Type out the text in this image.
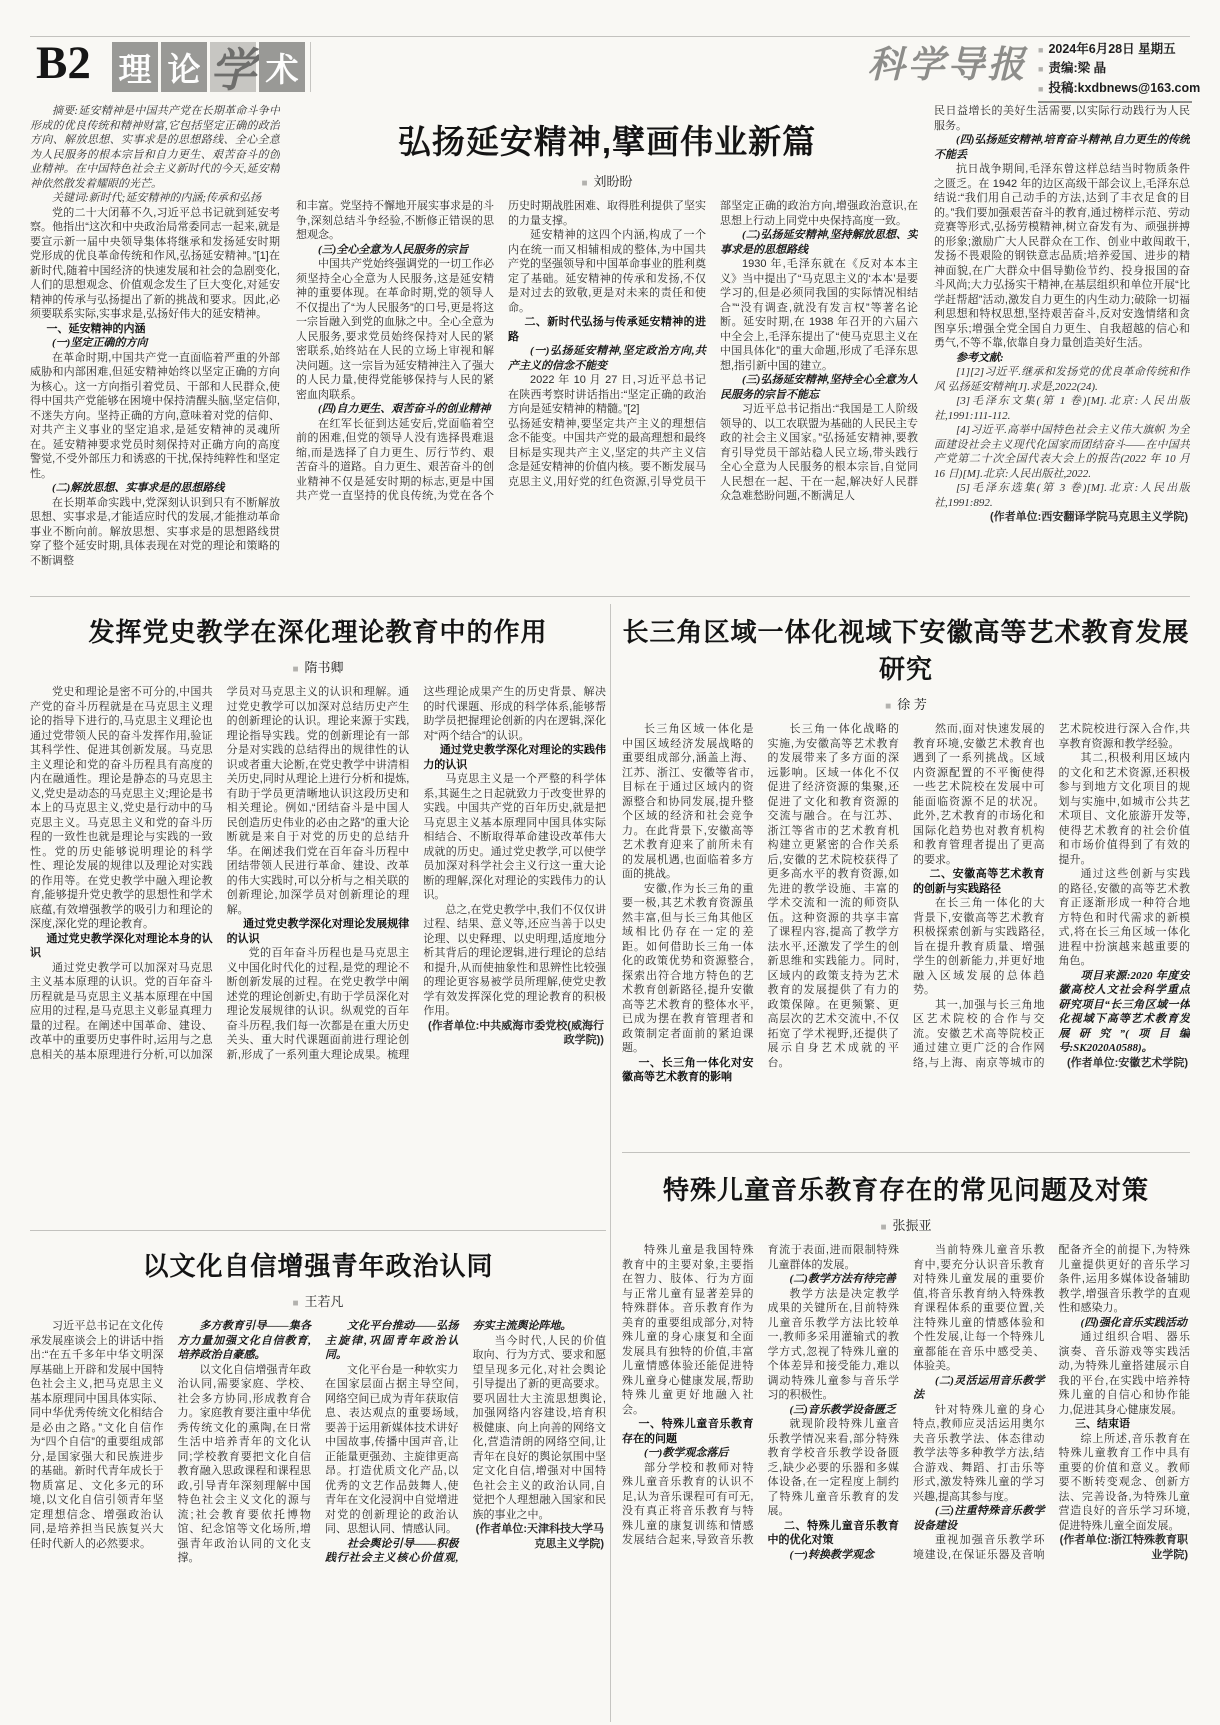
B2 理 论 学 术	科学导报	■ 2024年6月28日 星期五
■ 责编:梁 晶
■ 投稿:kxdbnews@163.com

摘要:延安精神是中国共产党在长期革命斗争中形成的优良传统和精神财富,它包括坚定正确的政治方向、解放思想、实事求是的思想路线、全心全意为人民服务的根本宗旨和自力更生、艰苦奋斗的创业精神。在中国特色社会主义新时代的今天,延安精神依然散发着耀眼的光芒。

关键词:新时代;延安精神的内涵;传承和弘扬

党的二十大闭幕不久,习近平总书记就到延安考察。他指出“这次和中央政治局常委同志一起来,就是要宣示新一届中央领导集体将继承和发扬延安时期党形成的优良革命传统和作风,弘扬延安精神。”[1]在新时代,随着中国经济的快速发展和社会的急剧变化,人们的思想观念、价值观念发生了巨大变化,对延安精神的传承与弘扬提出了新的挑战和要求。因此,必须要联系实际,实事求是,弘扬好伟大的延安精神。

一、延安精神的内涵

(一)坚定正确的方向

在革命时期,中国共产党一直面临着严重的外部威胁和内部困难,但延安精神始终以坚定正确的方向为核心。这一方向指引着党员、干部和人民群众,使得中国共产党能够在困境中保持清醒头脑,坚定信仰,不迷失方向。坚持正确的方向,意味着对党的信仰、对共产主义事业的坚定追求,是延安精神的灵魂所在。延安精神要求党员时刻保持对正确方向的高度警觉,不受外部压力和诱惑的干扰,保持纯粹性和坚定性。

(二)解放思想、实事求是的思想路线

在长期革命实践中,党深刻认识到只有不断解放思想、实事求是,才能适应时代的发展,才能推动革命事业不断向前。解放思想、实事求是的思想路线贯穿了整个延安时期,具体表现在对党的理论和策略的不断调整

弘扬延安精神,擘画伟业新篇
■ 刘盼盼

和丰富。党坚持不懈地开展实事求是的斗争,深刻总结斗争经验,不断修正错误的思想观念。

(三)全心全意为人民服务的宗旨

中国共产党始终强调党的一切工作必须坚持全心全意为人民服务,这是延安精神的重要体现。在革命时期,党的领导人不仅提出了“为人民服务”的口号,更是将这一宗旨融入到党的血脉之中。全心全意为人民服务,要求党员始终保持对人民的紧密联系,始终站在人民的立场上审视和解决问题。这一宗旨为延安精神注入了强大的人民力量,使得党能够保持与人民的紧密血肉联系。

(四)自力更生、艰苦奋斗的创业精神

在红军长征到达延安后,党面临着空前的困难,但党的领导人没有选择畏难退缩,而是选择了自力更生、厉行节约、艰苦奋斗的道路。自力更生、艰苦奋斗的创业精神不仅是延安时期的标志,更是中国共产党一直坚持的优良传统,为党在各个历史时期战胜困难、取得胜利提供了坚实的力量支撑。

延安精神的这四个内涵,构成了一个内在统一而又相辅相成的整体,为中国共产党的坚强领导和中国革命事业的胜利奠定了基础。延安精神的传承和发扬,不仅是对过去的致敬,更是对未来的责任和使命。

二、新时代弘扬与传承延安精神的进路

(一)弘扬延安精神,坚定政治方向,共产主义的信念不能变

2022 年 10 月 27 日,习近平总书记在陕西考察时讲话指出:“坚定正确的政治方向是延安精神的精髓。”[2]

弘扬延安精神,要坚定共产主义的理想信念不能变。中国共产党的最高理想和最终目标是实现共产主义,坚定的共产主义信念是延安精神的价值内核。要不断发展马克思主义,用好党的红色资源,引导党员干部坚定正确的政治方向,增强政治意识,在思想上行动上同党中央保持高度一致。

(二)弘扬延安精神,坚持解放思想、实事求是的思想路线

1930 年,毛泽东就在《反对本本主义》当中提出了“马克思主义的‘本本’是要学习的,但是必须同我国的实际情况相结合”“没有调查,就没有发言权”等著名论断。延安时期,在 1938 年召开的六届六中全会上,毛泽东提出了“使马克思主义在中国具体化”的重大命题,形成了毛泽东思想,指引新中国的建立。

(三)弘扬延安精神,坚持全心全意为人民服务的宗旨不能忘

习近平总书记指出:“我国是工人阶级领导的、以工农联盟为基础的人民民主专政的社会主义国家。”弘扬延安精神,要教育引导党员干部站稳人民立场,带头践行全心全意为人民服务的根本宗旨,自觉同人民想在一起、干在一起,解决好人民群众急难愁盼问题,不断满足人

民日益增长的美好生活需要,以实际行动践行为人民服务。

(四)弘扬延安精神,培育奋斗精神,自力更生的传统不能丢

抗日战争期间,毛泽东曾这样总结当时物质条件之匮乏。在 1942 年的边区高级干部会议上,毛泽东总结说:“我们用自己动手的方法,达到了丰衣足食的目的。”我们要加强艰苦奋斗的教育,通过榜样示范、劳动竞赛等形式,弘扬劳模精神,树立奋发有为、顽强拼搏的形象;激励广大人民群众在工作、创业中敢闯敢干,发扬不畏艰险的钢铁意志品质;培养爱国、进步的精神面貌,在广大群众中倡导勤俭节约、投身报国的奋斗风尚;大力弘扬实干精神,在基层组织和单位开展“比学赶帮超”活动,激发自力更生的内生动力;破除一切福利思想和特权思想,坚持艰苦奋斗,反对安逸情绪和贪图享乐;增强全党全国自力更生、自我超越的信心和勇气,不等不靠,依靠自身力量创造美好生活。

参考文献:

[1][2]习近平.继承和发扬党的优良革命传统和作风 弘扬延安精神[J].求是,2022(24).

[3]毛泽东文集(第 1 卷)[M].北京:人民出版社,1991:111-112.

[4]习近平.高举中国特色社会主义伟大旗帜 为全面建设社会主义现代化国家而团结奋斗——在中国共产党第二十次全国代表大会上的报告(2022 年 10 月 16 日)[M].北京:人民出版社,2022.

[5]毛泽东选集(第 3 卷)[M].北京:人民出版社,1991:892.

(作者单位:西安翻译学院马克思主义学院)

发挥党史教学在深化理论教育中的作用
■ 隋书卿

党史和理论是密不可分的,中国共产党的奋斗历程就是在马克思主义理论的指导下进行的,马克思主义理论也通过党带领人民的奋斗发挥作用,验证其科学性、促进其创新发展。马克思主义理论和党的奋斗历程具有高度的内在融通性。理论是静态的马克思主义,党史是动态的马克思主义;理论是书本上的马克思主义,党史是行动中的马克思主义。马克思主义和党的奋斗历程的一致性也就是理论与实践的一致性。党的历史能够说明理论的科学性、理论发展的规律以及理论对实践的作用等。在党史教学中融入理论教育,能够提升党史教学的思想性和学术底蕴,有效增强教学的吸引力和理论的深度,深化党的理论教育。

通过党史教学深化对理论本身的认识

通过党史教学可以加深对马克思主义基本原理的认识。党的百年奋斗历程就是马克思主义基本原理在中国应用的过程,是马克思主义彰显真理力量的过程。在阐述中国革命、建设、改革中的重要历史事件时,运用与之息息相关的基本原理进行分析,可以加深学员对马克思主义的认识和理解。通过党史教学可以加深对总结历史产生的创新理论的认识。理论来源于实践,理论指导实践。党的创新理论有一部分是对实践的总结得出的规律性的认识或者重大论断,在党史教学中讲清相关历史,同时从理论上进行分析和提炼,有助于学员更清晰地认识这段历史和相关理论。例如,“团结奋斗是中国人民创造历史伟业的必由之路”的重大论断就是来自于对党的历史的总结升华。在阐述我们党在百年奋斗历程中团结带领人民进行革命、建设、改革的伟大实践时,可以分析与之相关联的创新理论,加深学员对创新理论的理解。

通过党史教学深化对理论发展规律的认识

党的百年奋斗历程也是马克思主义中国化时代化的过程,是党的理论不断创新发展的过程。在党史教学中阐述党的理论创新史,有助于学员深化对理论发展规律的认识。纵观党的百年奋斗历程,我们每一次都是在重大历史关头、重大时代课题面前进行理论创新,形成了一系列重大理论成果。梳理这些理论成果产生的历史背景、解决的时代课题、形成的科学体系,能够帮助学员把握理论创新的内在逻辑,深化对“两个结合”的认识。

通过党史教学深化对理论的实践伟力的认识

马克思主义是一个严整的科学体系,其诞生之日起就致力于改变世界的实践。中国共产党的百年历史,就是把马克思主义基本原理同中国具体实际相结合、不断取得革命建设改革伟大成就的历史。通过党史教学,可以使学员加深对科学社会主义行这一重大论断的理解,深化对理论的实践伟力的认识。

总之,在党史教学中,我们不仅仅讲过程、结果、意义等,还应当善于以史论理、以史释理、以史明理,适度地分析其背后的理论逻辑,进行理论的总结和提升,从而使抽象性和思辨性比较强的理论更容易被学员所理解,使党史教学有效发挥深化党的理论教育的积极作用。

(作者单位:中共威海市委党校(威海行政学院))

长三角区域一体化视域下安徽高等艺术教育发展研究
■ 徐 芳

长三角区域一体化是中国区域经济发展战略的重要组成部分,涵盖上海、江苏、浙江、安徽等省市,目标在于通过区域内的资源整合和协同发展,提升整个区域的经济和社会竞争力。在此背景下,安徽高等艺术教育迎来了前所未有的发展机遇,也面临着多方面的挑战。

安徽,作为长三角的重要一极,其艺术教育资源虽然丰富,但与长三角其他区域相比仍存在一定的差距。如何借助长三角一体化的政策优势和资源整合,探索出符合地方特色的艺术教育创新路径,提升安徽高等艺术教育的整体水平,已成为摆在教育管理者和政策制定者面前的紧迫课题。

一、长三角一体化对安徽高等艺术教育的影响

长三角一体化战略的实施,为安徽高等艺术教育的发展带来了多方面的深远影响。区域一体化不仅促进了经济资源的集聚,还促进了文化和教育资源的交流与融合。在与江苏、浙江等省市的艺术教育机构建立更紧密的合作关系后,安徽的艺术院校获得了更多高水平的教育资源,如先进的教学设施、丰富的学术交流和一流的师资队伍。这种资源的共享丰富了课程内容,提高了教学方法水平,还激发了学生的创新思维和实践能力。同时,区域内的政策支持为艺术教育的发展提供了有力的政策保障。在更频繁、更高层次的艺术交流中,不仅拓宽了学术视野,还提供了展示自身艺术成就的平台。

然而,面对快速发展的教育环境,安徽艺术教育也遇到了一系列挑战。区域内资源配置的不平衡使得一些艺术院校在发展中可能面临资源不足的状况。此外,艺术教育的市场化和国际化趋势也对教育机构和教育管理者提出了更高的要求。

二、安徽高等艺术教育的创新与实践路径

在长三角一体化的大背景下,安徽高等艺术教育积极探索创新与实践路径,旨在提升教育质量、增强学生的创新能力,并更好地融入区域发展的总体趋势。

其一,加强与长三角地区艺术院校的合作与交流。安徽艺术高等院校正通过建立更广泛的合作网络,与上海、南京等城市的艺术院校进行深入合作,共享教育资源和教学经验。

其二,积极利用区域内的文化和艺术资源,还积极参与到地方文化项目的规划与实施中,如城市公共艺术项目、文化旅游开发等,使得艺术教育的社会价值和市场价值得到了有效的提升。

通过这些创新与实践的路径,安徽的高等艺术教育正逐渐形成一种符合地方特色和时代需求的新模式,将在长三角区域一体化进程中扮演越来越重要的角色。

项目来源:2020 年度安徽高校人文社会科学重点研究项目“长三角区域一体化视域下高等艺术教育发展研究”(项目编号:SK2020A0588)。

(作者单位:安徽艺术学院)

以文化自信增强青年政治认同
■ 王若凡

习近平总书记在文化传承发展座谈会上的讲话中指出:“在五千多年中华文明深厚基础上开辟和发展中国特色社会主义,把马克思主义基本原理同中国具体实际、同中华优秀传统文化相结合是必由之路。”文化自信作为“四个自信”的重要组成部分,是国家强大和民族进步的基础。新时代青年成长于物质富足、文化多元的环境,以文化自信引领青年坚定理想信念、增强政治认同,是培养担当民族复兴大任时代新人的必然要求。

多方教育引导——集各方力量加强文化自信教育,培养政治自豪感。

以文化自信增强青年政治认同,需要家庭、学校、社会多方协同,形成教育合力。家庭教育要注重中华优秀传统文化的熏陶,在日常生活中培养青年的文化认同;学校教育要把文化自信教育融入思政课程和课程思政,引导青年深刻理解中国特色社会主义文化的源与流;社会教育要依托博物馆、纪念馆等文化场所,增强青年政治认同的文化支撑。

文化平台推动——弘扬主旋律,巩固青年政治认同。

文化平台是一种软实力在国家层面占据主导空间,网络空间已成为青年获取信息、表达观点的重要场域,要善于运用新媒体技术讲好中国故事,传播中国声音,让正能量更强劲、主旋律更高昂。打造优质文化产品,以优秀的文艺作品鼓舞人,使青年在文化浸润中自觉增进对党的创新理论的政治认同、思想认同、情感认同。

社会舆论引导——积极践行社会主义核心价值观,夯实主流舆论阵地。

当今时代,人民的价值取向、行为方式、要求和愿望呈现多元化,对社会舆论引导提出了新的更高要求。要巩固壮大主流思想舆论,加强网络内容建设,培育积极健康、向上向善的网络文化,营造清朗的网络空间,让青年在良好的舆论氛围中坚定文化自信,增强对中国特色社会主义的政治认同,自觉把个人理想融入国家和民族的事业之中。

(作者单位:天津科技大学马克思主义学院)

特殊儿童音乐教育存在的常见问题及对策
■ 张振亚

特殊儿童是我国特殊教育中的主要对象,主要指在智力、肢体、行为方面与正常儿童有显著差异的特殊群体。音乐教育作为美育的重要组成部分,对特殊儿童的身心康复和全面发展具有独特的价值,丰富儿童情感体验还能促进特殊儿童身心健康发展,帮助特殊儿童更好地融入社会。

一、特殊儿童音乐教育存在的问题

(一)教学观念落后

部分学校和教师对特殊儿童音乐教育的认识不足,认为音乐课程可有可无,没有真正将音乐教育与特殊儿童的康复训练和情感发展结合起来,导致音乐教育流于表面,进而限制特殊儿童群体的发展。

(二)教学方法有待完善

教学方法是决定教学成果的关键所在,目前特殊儿童音乐教学方法比较单一,教师多采用灌输式的教学方式,忽视了特殊儿童的个体差异和接受能力,难以调动特殊儿童参与音乐学习的积极性。

(三)音乐教学设备匮乏

就现阶段特殊儿童音乐教学情况来看,部分特殊教育学校音乐教学设备匮乏,缺少必要的乐器和多媒体设备,在一定程度上制约了特殊儿童音乐教育的发展。

二、特殊儿童音乐教育中的优化对策

(一)转换教学观念

当前特殊儿童音乐教育中,要充分认识音乐教育对特殊儿童发展的重要价值,将音乐教育纳入特殊教育课程体系的重要位置,关注特殊儿童的情感体验和个性发展,让每一个特殊儿童都能在音乐中感受美、体验美。

(二)灵活运用音乐教学法

针对特殊儿童的身心特点,教师应灵活运用奥尔夫音乐教学法、体态律动教学法等多种教学方法,结合游戏、舞蹈、打击乐等形式,激发特殊儿童的学习兴趣,提高其参与度。

(三)注重特殊音乐教学设备建设

重视加强音乐教学环境建设,在保证乐器及音响配备齐全的前提下,为特殊儿童提供更好的音乐学习条件,运用多媒体设备辅助教学,增强音乐教学的直观性和感染力。

(四)强化音乐实践活动

通过组织合唱、器乐演奏、音乐游戏等实践活动,为特殊儿童搭建展示自我的平台,在实践中培养特殊儿童的自信心和协作能力,促进其身心健康发展。

三、结束语

综上所述,音乐教育在特殊儿童教育工作中具有重要的价值和意义。教师要不断转变观念、创新方法、完善设备,为特殊儿童营造良好的音乐学习环境,促进特殊儿童全面发展。

(作者单位:浙江特殊教育职业学院)
